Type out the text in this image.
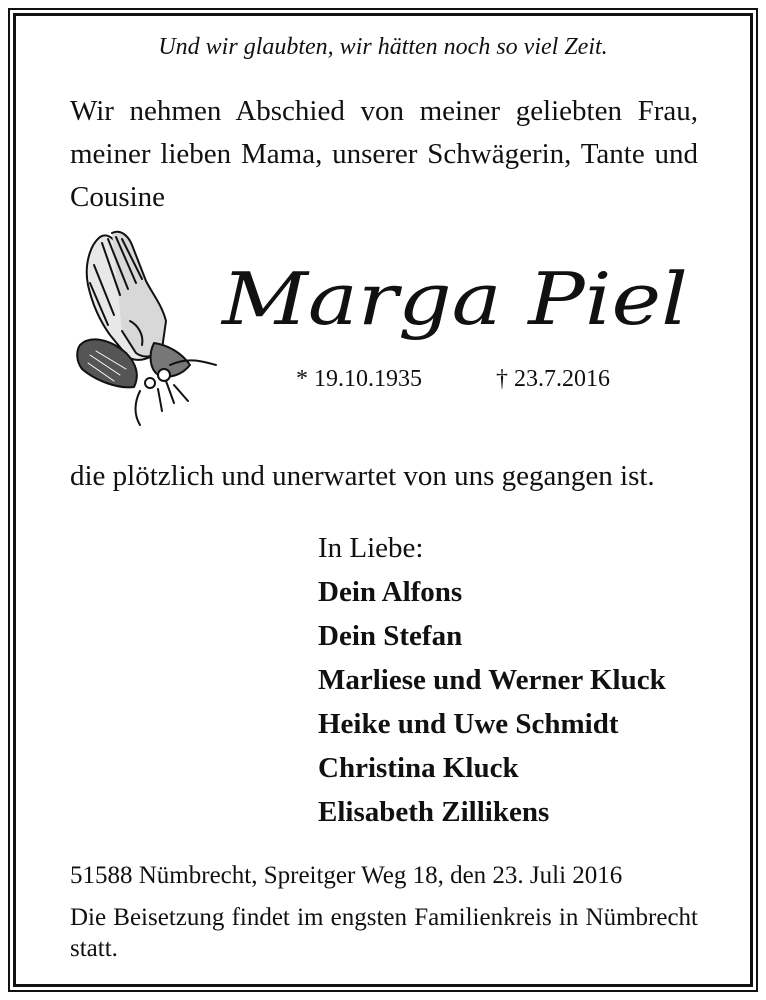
Und wir glaubten, wir hätten noch so viel Zeit.
Wir nehmen Abschied von meiner geliebten Frau, meiner lieben Mama, unserer Schwägerin, Tante und Cousine
Marga Piel
* 19.10.1935	† 23.7.2016
die plötzlich und unerwartet von uns gegangen ist.
In Liebe:
Dein Alfons
Dein Stefan
Marliese und Werner Kluck
Heike und Uwe Schmidt
Christina Kluck
Elisabeth Zillikens
51588 Nümbrecht, Spreitger Weg 18, den 23. Juli 2016
Die Beisetzung findet im engsten Familienkreis in Nümbrecht statt.
